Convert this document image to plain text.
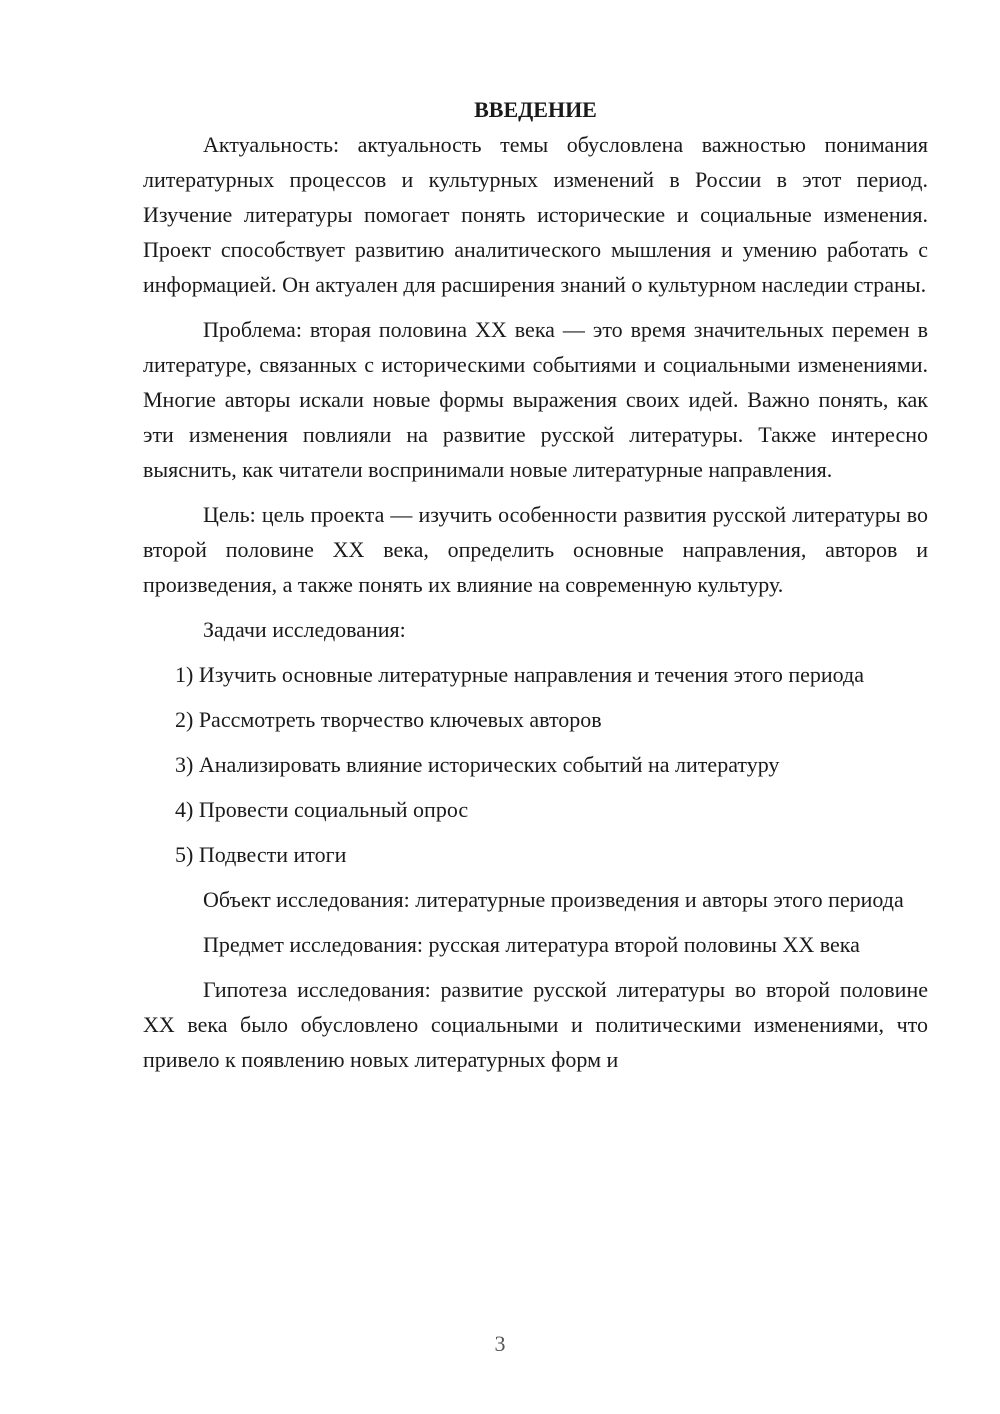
ВВЕДЕНИЕ

Актуальность: актуальность темы обусловлена важностью понимания литературных процессов и культурных изменений в России в этот период. Изучение литературы помогает понять исторические и социальные изменения. Проект способствует развитию аналитического мышления и умению работать с информацией. Он актуален для расширения знаний о культурном наследии страны.

Проблема: вторая половина XX века — это время значительных перемен в литературе, связанных с историческими событиями и социальными изменениями. Многие авторы искали новые формы выражения своих идей. Важно понять, как эти изменения повлияли на развитие русской литературы. Также интересно выяснить, как читатели воспринимали новые литературные направления.

Цель: цель проекта — изучить особенности развития русской литературы во второй половине XX века, определить основные направления, авторов и произведения, а также понять их влияние на современную культуру.

Задачи исследования:

1) Изучить основные литературные направления и течения этого периода
2) Рассмотреть творчество ключевых авторов
3) Анализировать влияние исторических событий на литературу
4) Провести социальный опрос
5) Подвести итоги

Объект исследования: литературные произведения и авторы этого периода

Предмет исследования: русская литература второй половины XX века

Гипотеза исследования: развитие русской литературы во второй половине XX века было обусловлено социальными и политическими изменениями, что привело к появлению новых литературных форм и

3
